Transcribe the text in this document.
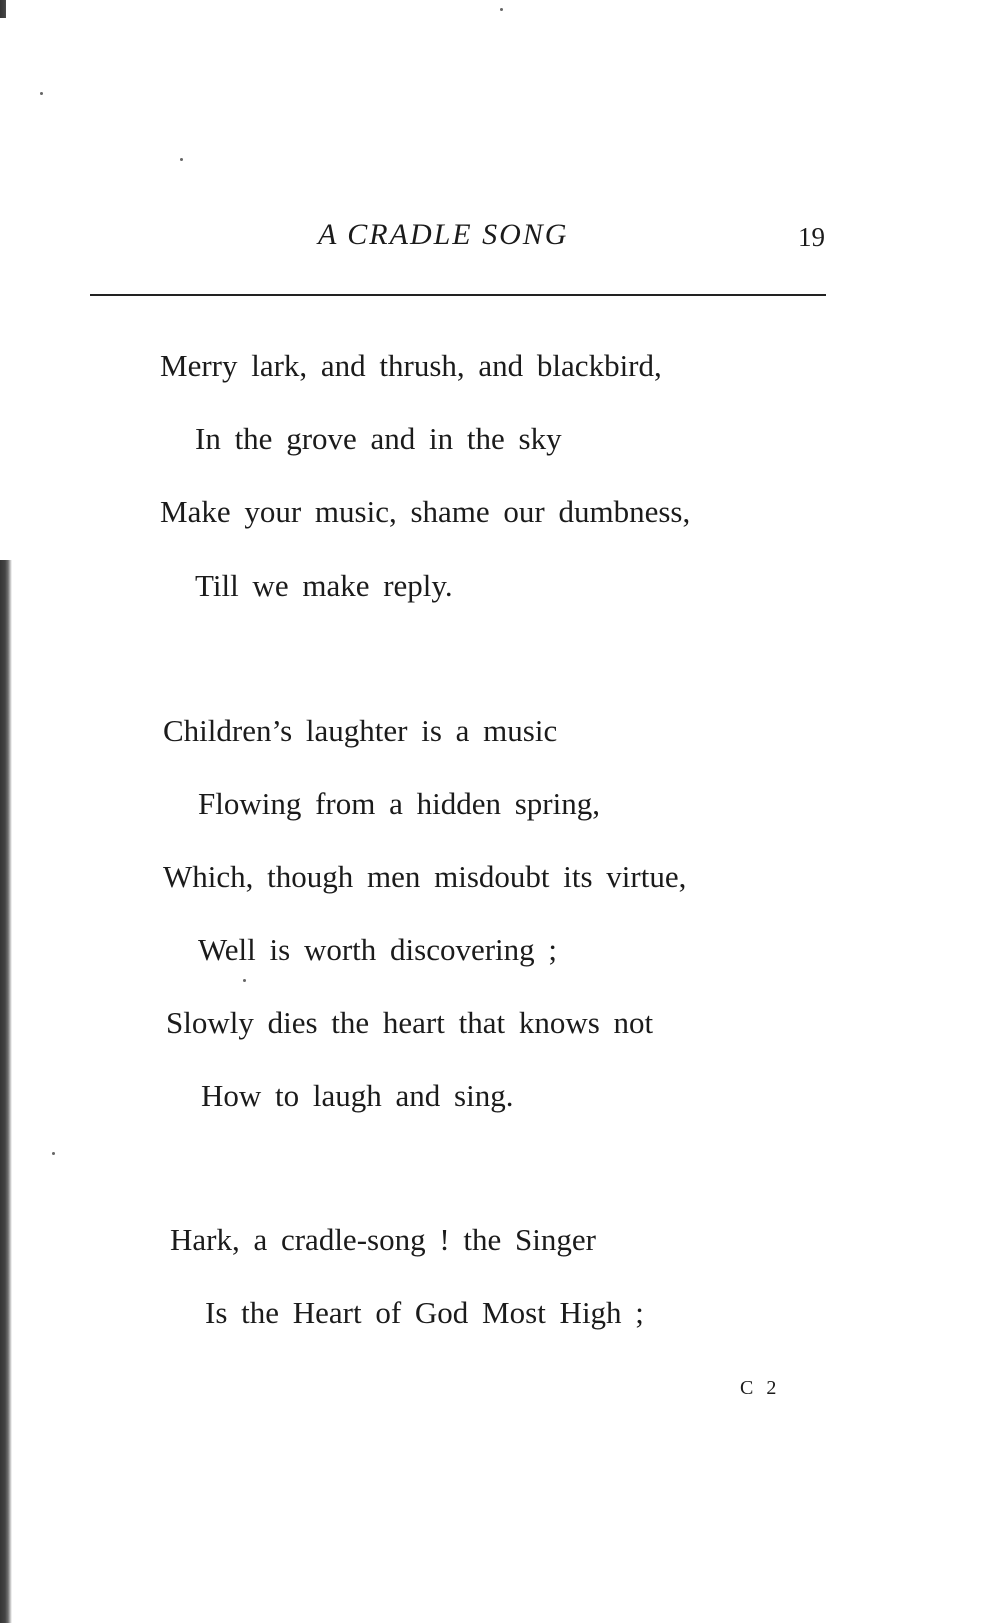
A CRADLE SONG	19
Merry lark, and thrush, and blackbird,
In the grove and in the sky
Make your music, shame our dumbness,
Till we make reply.
Children’s laughter is a music
Flowing from a hidden spring,
Which, though men misdoubt its virtue,
Well is worth discovering ;
Slowly dies the heart that knows not
How to laugh and sing.
Hark, a cradle-song ! the Singer
Is the Heart of God Most High ;
C 2
